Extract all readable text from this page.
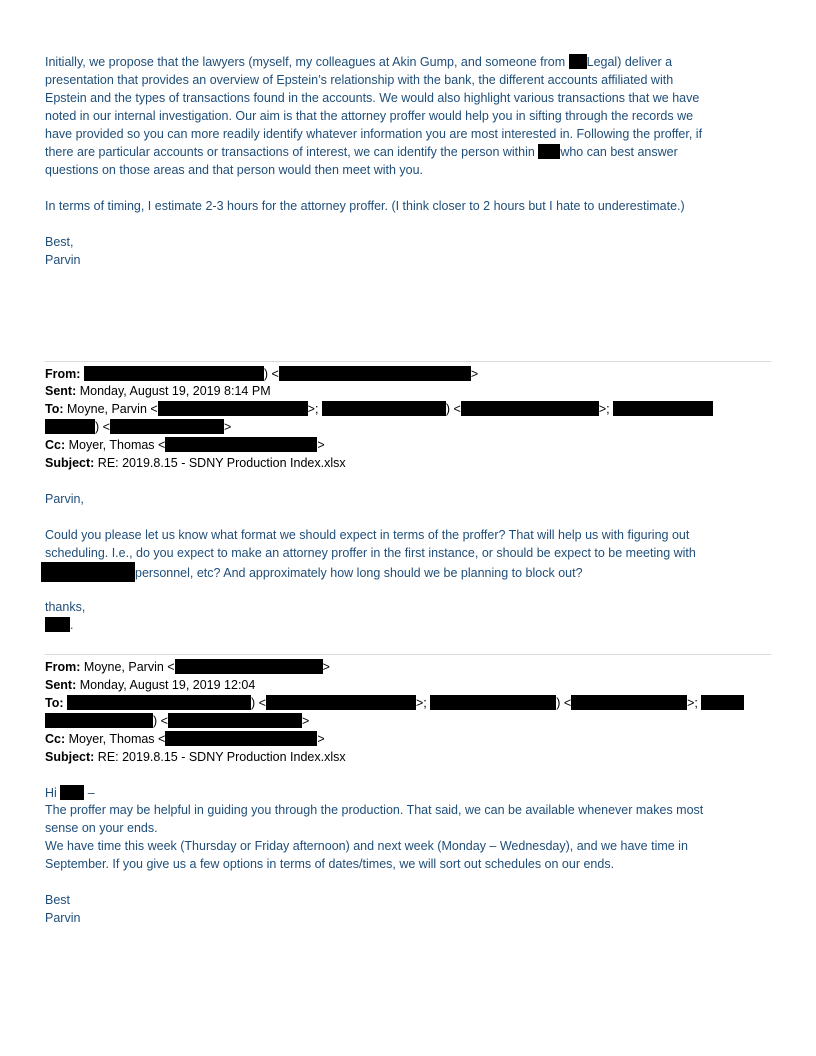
Initially, we propose that the lawyers (myself, my colleagues at Akin Gump, and someone from Legal) deliver a
presentation that provides an overview of Epstein’s relationship with the bank, the different accounts affiliated with
Epstein and the types of transactions found in the accounts. We would also highlight various transactions that we have
noted in our internal investigation. Our aim is that the attorney proffer would help you in sifting through the records we
have provided so you can more readily identify whatever information you are most interested in. Following the proffer, if
there are particular accounts or transactions of interest, we can identify the person within who can best answer
questions on those areas and that person would then meet with you.
In terms of timing, I estimate 2-3 hours for the attorney proffer. (I think closer to 2 hours but I hate to underestimate.)
Best,
Parvin
From:	) <	>
Sent: Monday, August 19, 2019 8:14 PM
To: Moyne, Parvin <	>;	) <	>;
) <	>
Cc: Moyer, Thomas <	>
Subject: RE: 2019.8.15 - SDNY Production Index.xlsx
Parvin,
Could you please let us know what format we should expect in terms of the proffer? That will help us with figuring out
scheduling. I.e., do you expect to make an attorney proffer in the first instance, or should be expect to be meeting with
personnel, etc? And approximately how long should we be planning to block out?
thanks,
.
From: Moyne, Parvin <	>
Sent: Monday, August 19, 2019 12:04
To:	) <	>;	) <	>;
) <	>
Cc: Moyer, Thomas <	>
Subject: RE: 2019.8.15 - SDNY Production Index.xlsx
Hi  –
The proffer may be helpful in guiding you through the production. That said, we can be available whenever makes most
sense on your ends.
We have time this week (Thursday or Friday afternoon) and next week (Monday – Wednesday), and we have time in
September. If you give us a few options in terms of dates/times, we will sort out schedules on our ends.
Best
Parvin
